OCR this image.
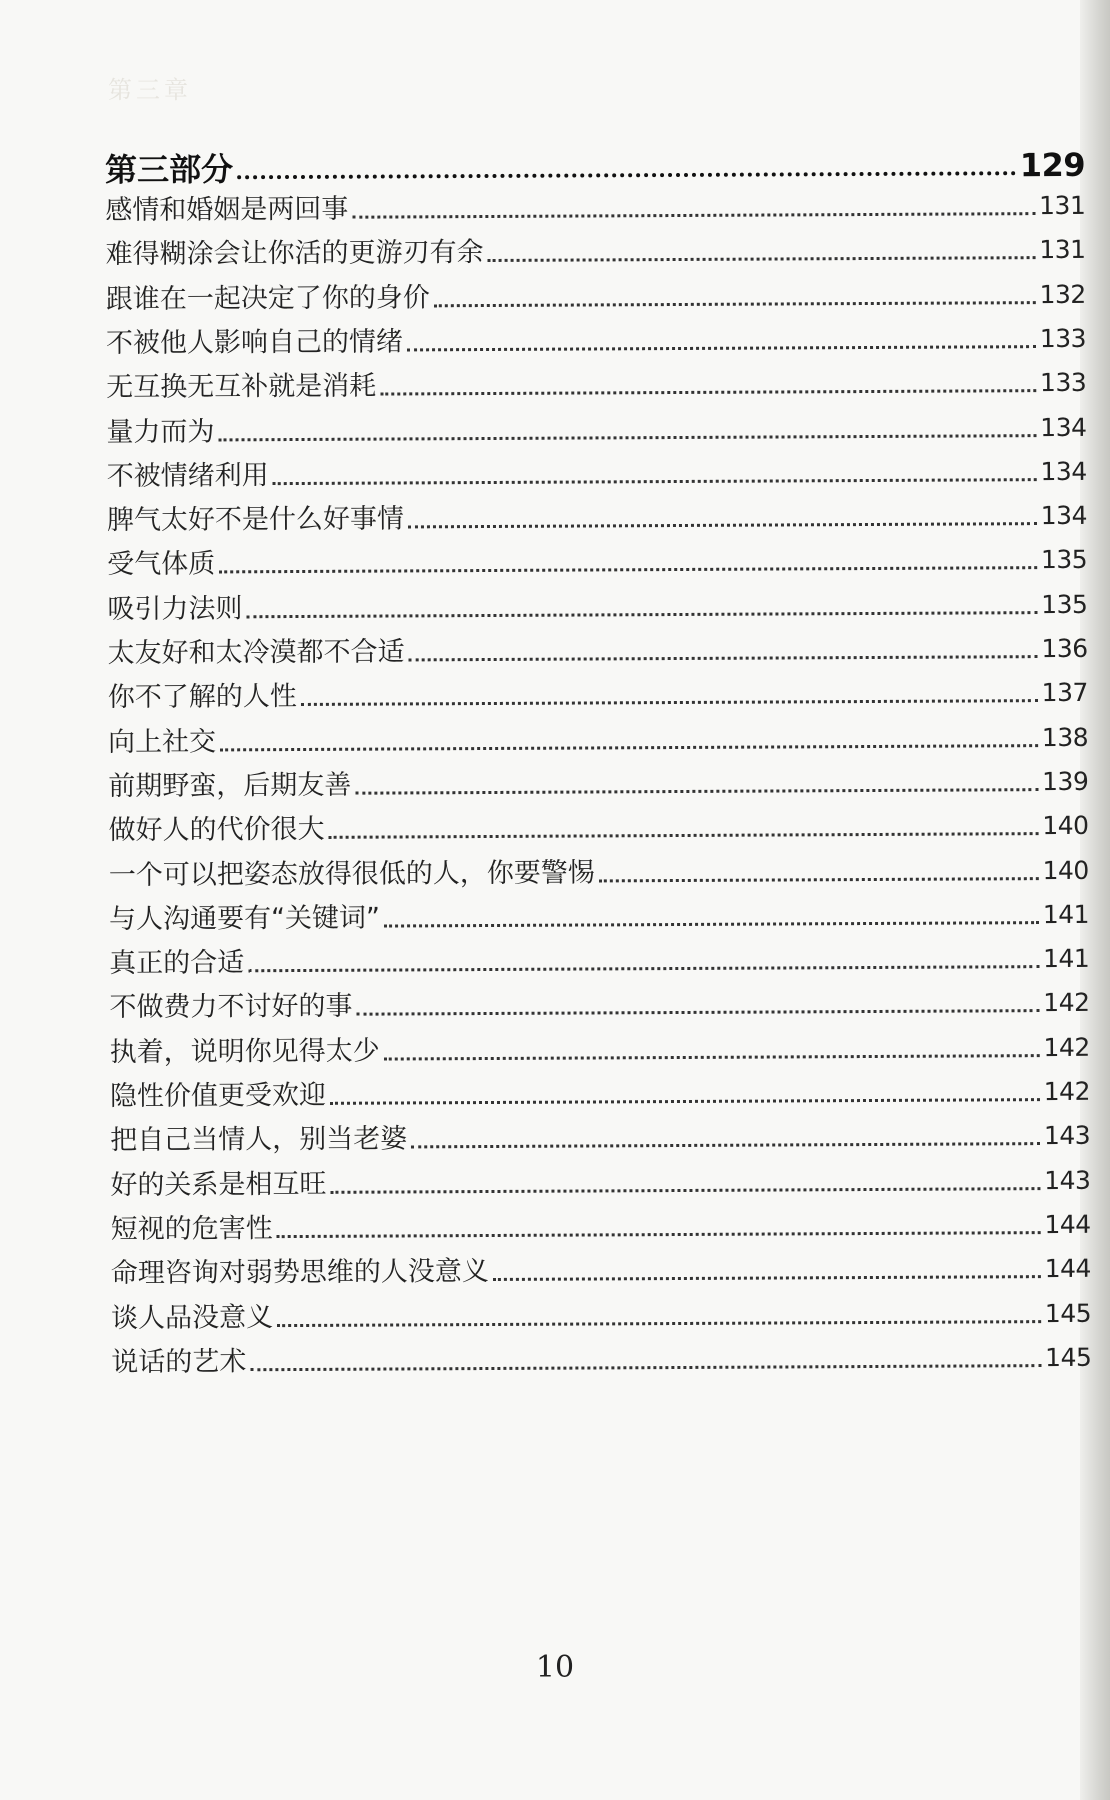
第三章
第三部分	129
感情和婚姻是两回事	131
难得糊涂会让你活的更游刃有余	131
跟谁在一起决定了你的身价	132
不被他人影响自己的情绪	133
无互换无互补就是消耗	133
量力而为	134
不被情绪利用	134
脾气太好不是什么好事情	134
受气体质	135
吸引力法则	135
太友好和太冷漠都不合适	136
你不了解的人性	137
向上社交	138
前期野蛮，后期友善	139
做好人的代价很大	140
一个可以把姿态放得很低的人，你要警惕	140
与人沟通要有“关键词”	141
真正的合适	141
不做费力不讨好的事	142
执着，说明你见得太少	142
隐性价值更受欢迎	142
把自己当情人，别当老婆	143
好的关系是相互旺	143
短视的危害性	144
命理咨询对弱势思维的人没意义	144
谈人品没意义	145
说话的艺术	145
10
